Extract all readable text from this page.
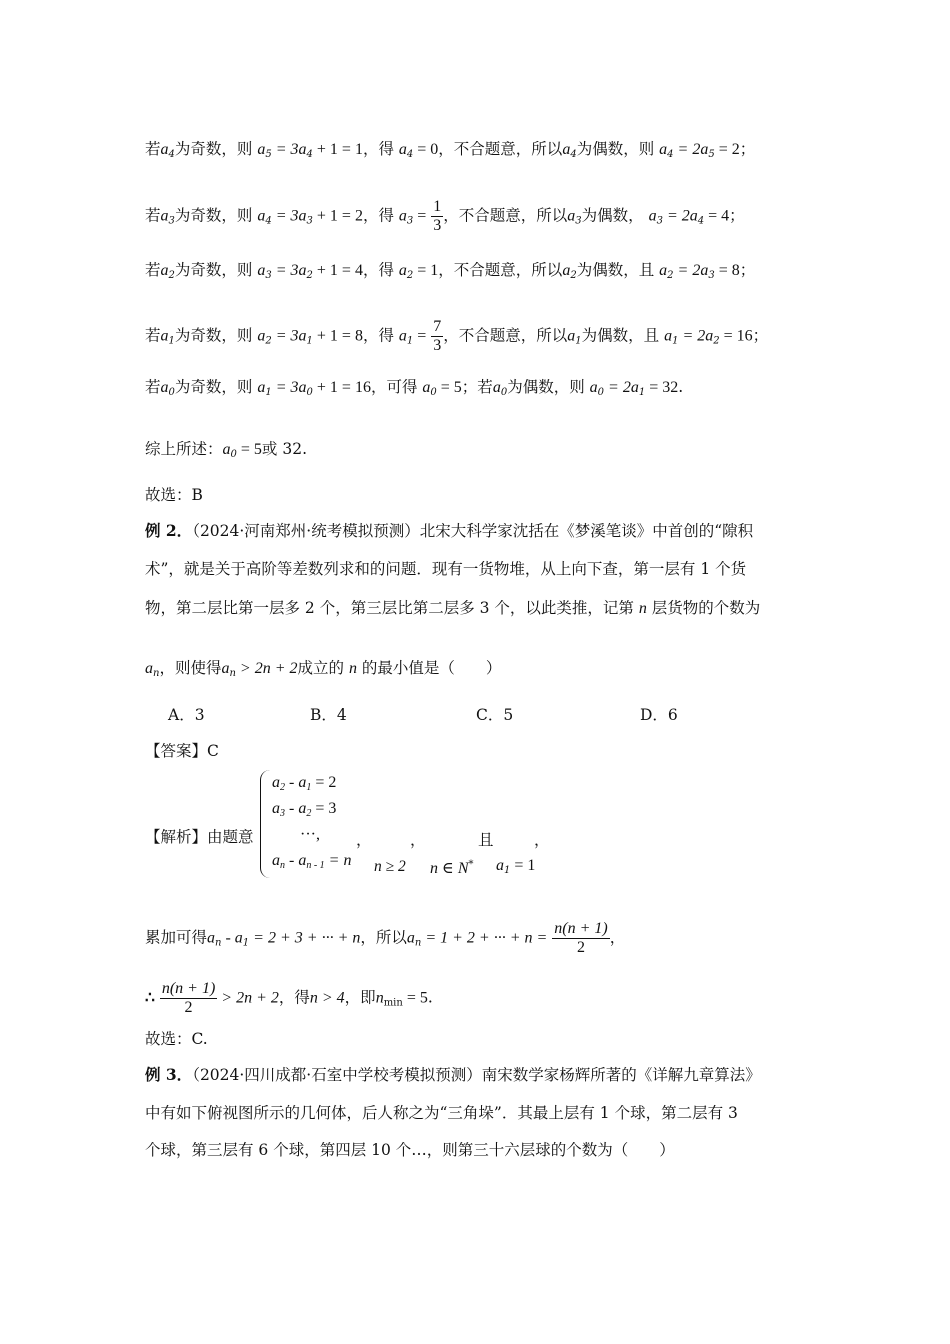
若$a_4$为奇数，则 $a_5 = 3a_4 + 1 = 1$，得 $a_4 = 0$，不合题意，所以$a_4$为偶数，则 $a_4 = 2a_5 = 2$；
若$a_3$为奇数，则 $a_4 = 3a_3 + 1 = 2$，得 $a_3 = \frac{1}{3}$ ，不合题意，所以$a_3$为偶数， $a_3 = 2a_4 = 4$；
若$a_2$为奇数，则 $a_3 = 3a_2 + 1 = 4$，得 $a_2 = 1$，不合题意，所以$a_2$为偶数，且 $a_2 = 2a_3 = 8$；
若$a_1$为奇数，则 $a_2 = 3a_1 + 1 = 8$，得 $a_1 = \frac{7}{3}$ ，不合题意，所以$a_1$为偶数，且 $a_1 = 2a_2 = 16$；
若$a_0$为奇数，则 $a_1 = 3a_0 + 1 = 16$，可得 $a_0 = 5$；若$a_0$为偶数，则 $a_0 = 2a_1 = 32$.
综上所述：$a_0 = 5$或 32.
故选：B
例 2．（2024·河南郑州·统考模拟预测）北宋大科学家沈括在《梦溪笔谈》中首创的“隙积
术”，就是关于高阶等差数列求和的问题．现有一货物堆，从上向下查，第一层有 1 个货
物，第二层比第一层多 2 个，第三层比第二层多 3 个，以此类推，记第 n 层货物的个数为
$a_n$，则使得$a_n > 2n + 2$成立的 n 的最小值是（　　）
A．3	B．4	C．5	D．6
【答案】C
【解析】由题意
$a_2 - a_1 = 2$
$a_3 - a_2 = 3$
···,
$a_n - a_{n - 1} = n$
，
n ≥ 2
，
n ∈ N*
且
$a_1 = 1$
，
累加可得$a_n - a_1 = 2 + 3$ + ··· + n，所以$a_n = 1 + 2$ + ··· + $n = \frac{n(n + 1)}{2}$ ，
∴ $\frac{n(n + 1)}{2} > 2n + 2$，得n > 4，即$n_{min} = 5$.
故选：C.
例 3．（2024·四川成都·石室中学校考模拟预测）南宋数学家杨辉所著的《详解九章算法》
中有如下俯视图所示的几何体，后人称之为“三角垛”．其最上层有 1 个球，第二层有 3
个球，第三层有 6 个球，第四层 10 个…，则第三十六层球的个数为（　　）
